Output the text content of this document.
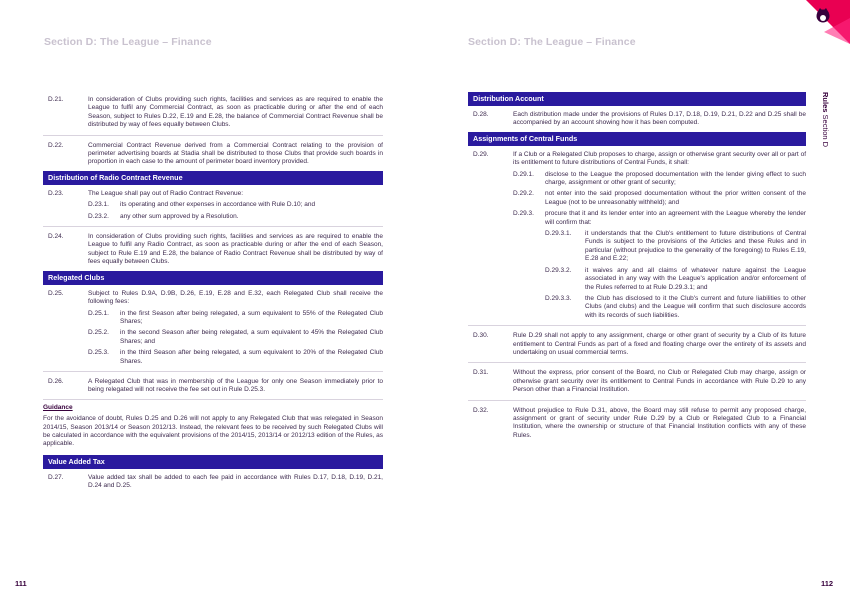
Section D: The League – Finance	Section D: The League – Finance
Rules Section D
D.21.	In consideration of Clubs providing such rights, facilities and services as are required to enable the League to fulfil any Commercial Contract, as soon as practicable during or after the end of each Season, subject to Rules D.22, E.19 and E.28, the balance of Commercial Contract Revenue shall be distributed by way of fees equally between Clubs.
D.22.	Commercial Contract Revenue derived from a Commercial Contract relating to the provision of perimeter advertising boards at Stadia shall be distributed to those Clubs that provide such boards in proportion in each case to the amount of perimeter board inventory provided.
Distribution of Radio Contract Revenue
D.23.	The League shall pay out of Radio Contract Revenue:
D.23.1.	its operating and other expenses in accordance with Rule D.10; and
D.23.2.	any other sum approved by a Resolution.
D.24.	In consideration of Clubs providing such rights, facilities and services as are required to enable the League to fulfil any Radio Contract, as soon as practicable during or after the end of each Season, subject to Rule E.19 and E.28, the balance of Radio Contract Revenue shall be distributed by way of fees equally between Clubs.
Relegated Clubs
D.25.	Subject to Rules D.9A, D.9B, D.26, E.19, E.28 and E.32, each Relegated Club shall receive the following fees:
D.25.1.	in the first Season after being relegated, a sum equivalent to 55% of the Relegated Club Shares;
D.25.2.	in the second Season after being relegated, a sum equivalent to 45% the Relegated Club Shares; and
D.25.3.	in the third Season after being relegated, a sum equivalent to 20% of the Relegated Club Shares.
D.26.	A Relegated Club that was in membership of the League for only one Season immediately prior to being relegated will not receive the fee set out in Rule D.25.3.
Guidance
For the avoidance of doubt, Rules D.25 and D.26 will not apply to any Relegated Club that was relegated in Season 2014/15, Season 2013/14 or Season 2012/13. Instead, the relevant fees to be received by such Relegated Clubs will be calculated in accordance with the equivalent provisions of the 2014/15, 2013/14 or 2012/13 edition of the Rules, as applicable.
Value Added Tax
D.27.	Value added tax shall be added to each fee paid in accordance with Rules D.17, D.18, D.19, D.21, D.24 and D.25.
Distribution Account
D.28.	Each distribution made under the provisions of Rules D.17, D.18, D.19, D.21, D.22 and D.25 shall be accompanied by an account showing how it has been computed.
Assignments of Central Funds
D.29.	If a Club or a Relegated Club proposes to charge, assign or otherwise grant security over all or part of its entitlement to future distributions of Central Funds, it shall:
D.29.1.	disclose to the League the proposed documentation with the lender giving effect to such charge, assignment or other grant of security;
D.29.2.	not enter into the said proposed documentation without the prior written consent of the League (not to be unreasonably withheld); and
D.29.3.	procure that it and its lender enter into an agreement with the League whereby the lender will confirm that:
D.29.3.1.	it understands that the Club's entitlement to future distributions of Central Funds is subject to the provisions of the Articles and these Rules and in particular (without prejudice to the generality of the foregoing) to Rules E.19, E.28 and E.22;
D.29.3.2.	it waives any and all claims of whatever nature against the League associated in any way with the League's application and/or enforcement of the Rules referred to at Rule D.29.3.1; and
D.29.3.3.	the Club has disclosed to it the Club's current and future liabilities to other Clubs (and clubs) and the League will confirm that such disclosure accords with its records of such liabilities.
D.30.	Rule D.29 shall not apply to any assignment, charge or other grant of security by a Club of its future entitlement to Central Funds as part of a fixed and floating charge over the entirety of its assets and undertaking on usual commercial terms.
D.31.	Without the express, prior consent of the Board, no Club or Relegated Club may charge, assign or otherwise grant security over its entitlement to Central Funds in accordance with Rule D.29 to any Person other than a Financial Institution.
D.32.	Without prejudice to Rule D.31, above, the Board may still refuse to permit any proposed charge, assignment or grant of security under Rule D.29 by a Club or Relegated Club to a Financial Institution, where the ownership or structure of that Financial Institution conflicts with any of these Rules.
111	112
